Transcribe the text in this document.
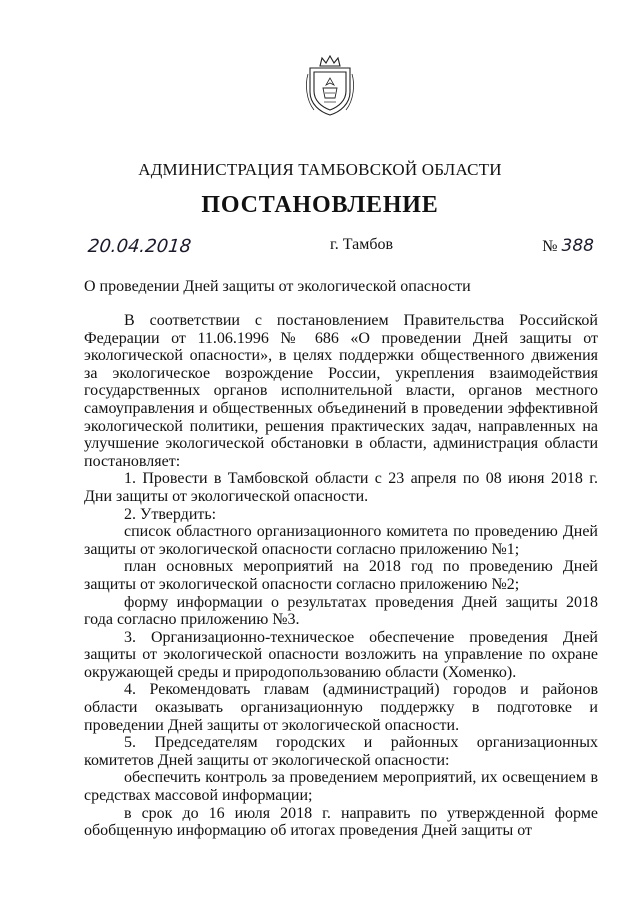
АДМИНИСТРАЦИЯ ТАМБОВСКОЙ ОБЛАСТИ
ПОСТАНОВЛЕНИЕ
20.04.2018	г. Тамбов	№ 388
О проведении Дней защиты от экологической опасности

В соответствии с постановлением Правительства Российской Федерации от 11.06.1996 № 686 «О проведении Дней защиты от экологической опасности», в целях поддержки общественного движения за экологическое возрождение России, укрепления взаимодействия государственных органов исполнительной власти, органов местного самоуправления и общественных объединений в проведении эффективной экологической политики, решения практических задач, направленных на улучшение экологической обстановки в области, администрация области постановляет:

1. Провести в Тамбовской области с 23 апреля по 08 июня 2018 г. Дни защиты от экологической опасности.

2. Утвердить:

список областного организационного комитета по проведению Дней защиты от экологической опасности согласно приложению №1;

план основных мероприятий на 2018 год по проведению Дней защиты от экологической опасности согласно приложению №2;

форму информации о результатах проведения Дней защиты 2018 года согласно приложению №3.

3. Организационно-техническое обеспечение проведения Дней защиты от экологической опасности возложить на управление по охране окружающей среды и природопользованию области (Хоменко).

4. Рекомендовать главам (администраций) городов и районов области оказывать организационную поддержку в подготовке и проведении Дней защиты от экологической опасности.

5. Председателям городских и районных организационных комитетов Дней защиты от экологической опасности:

обеспечить контроль за проведением мероприятий, их освещением в средствах массовой информации;

в срок до 16 июля 2018 г. направить по утвержденной форме обобщенную информацию об итогах проведения Дней защиты от
